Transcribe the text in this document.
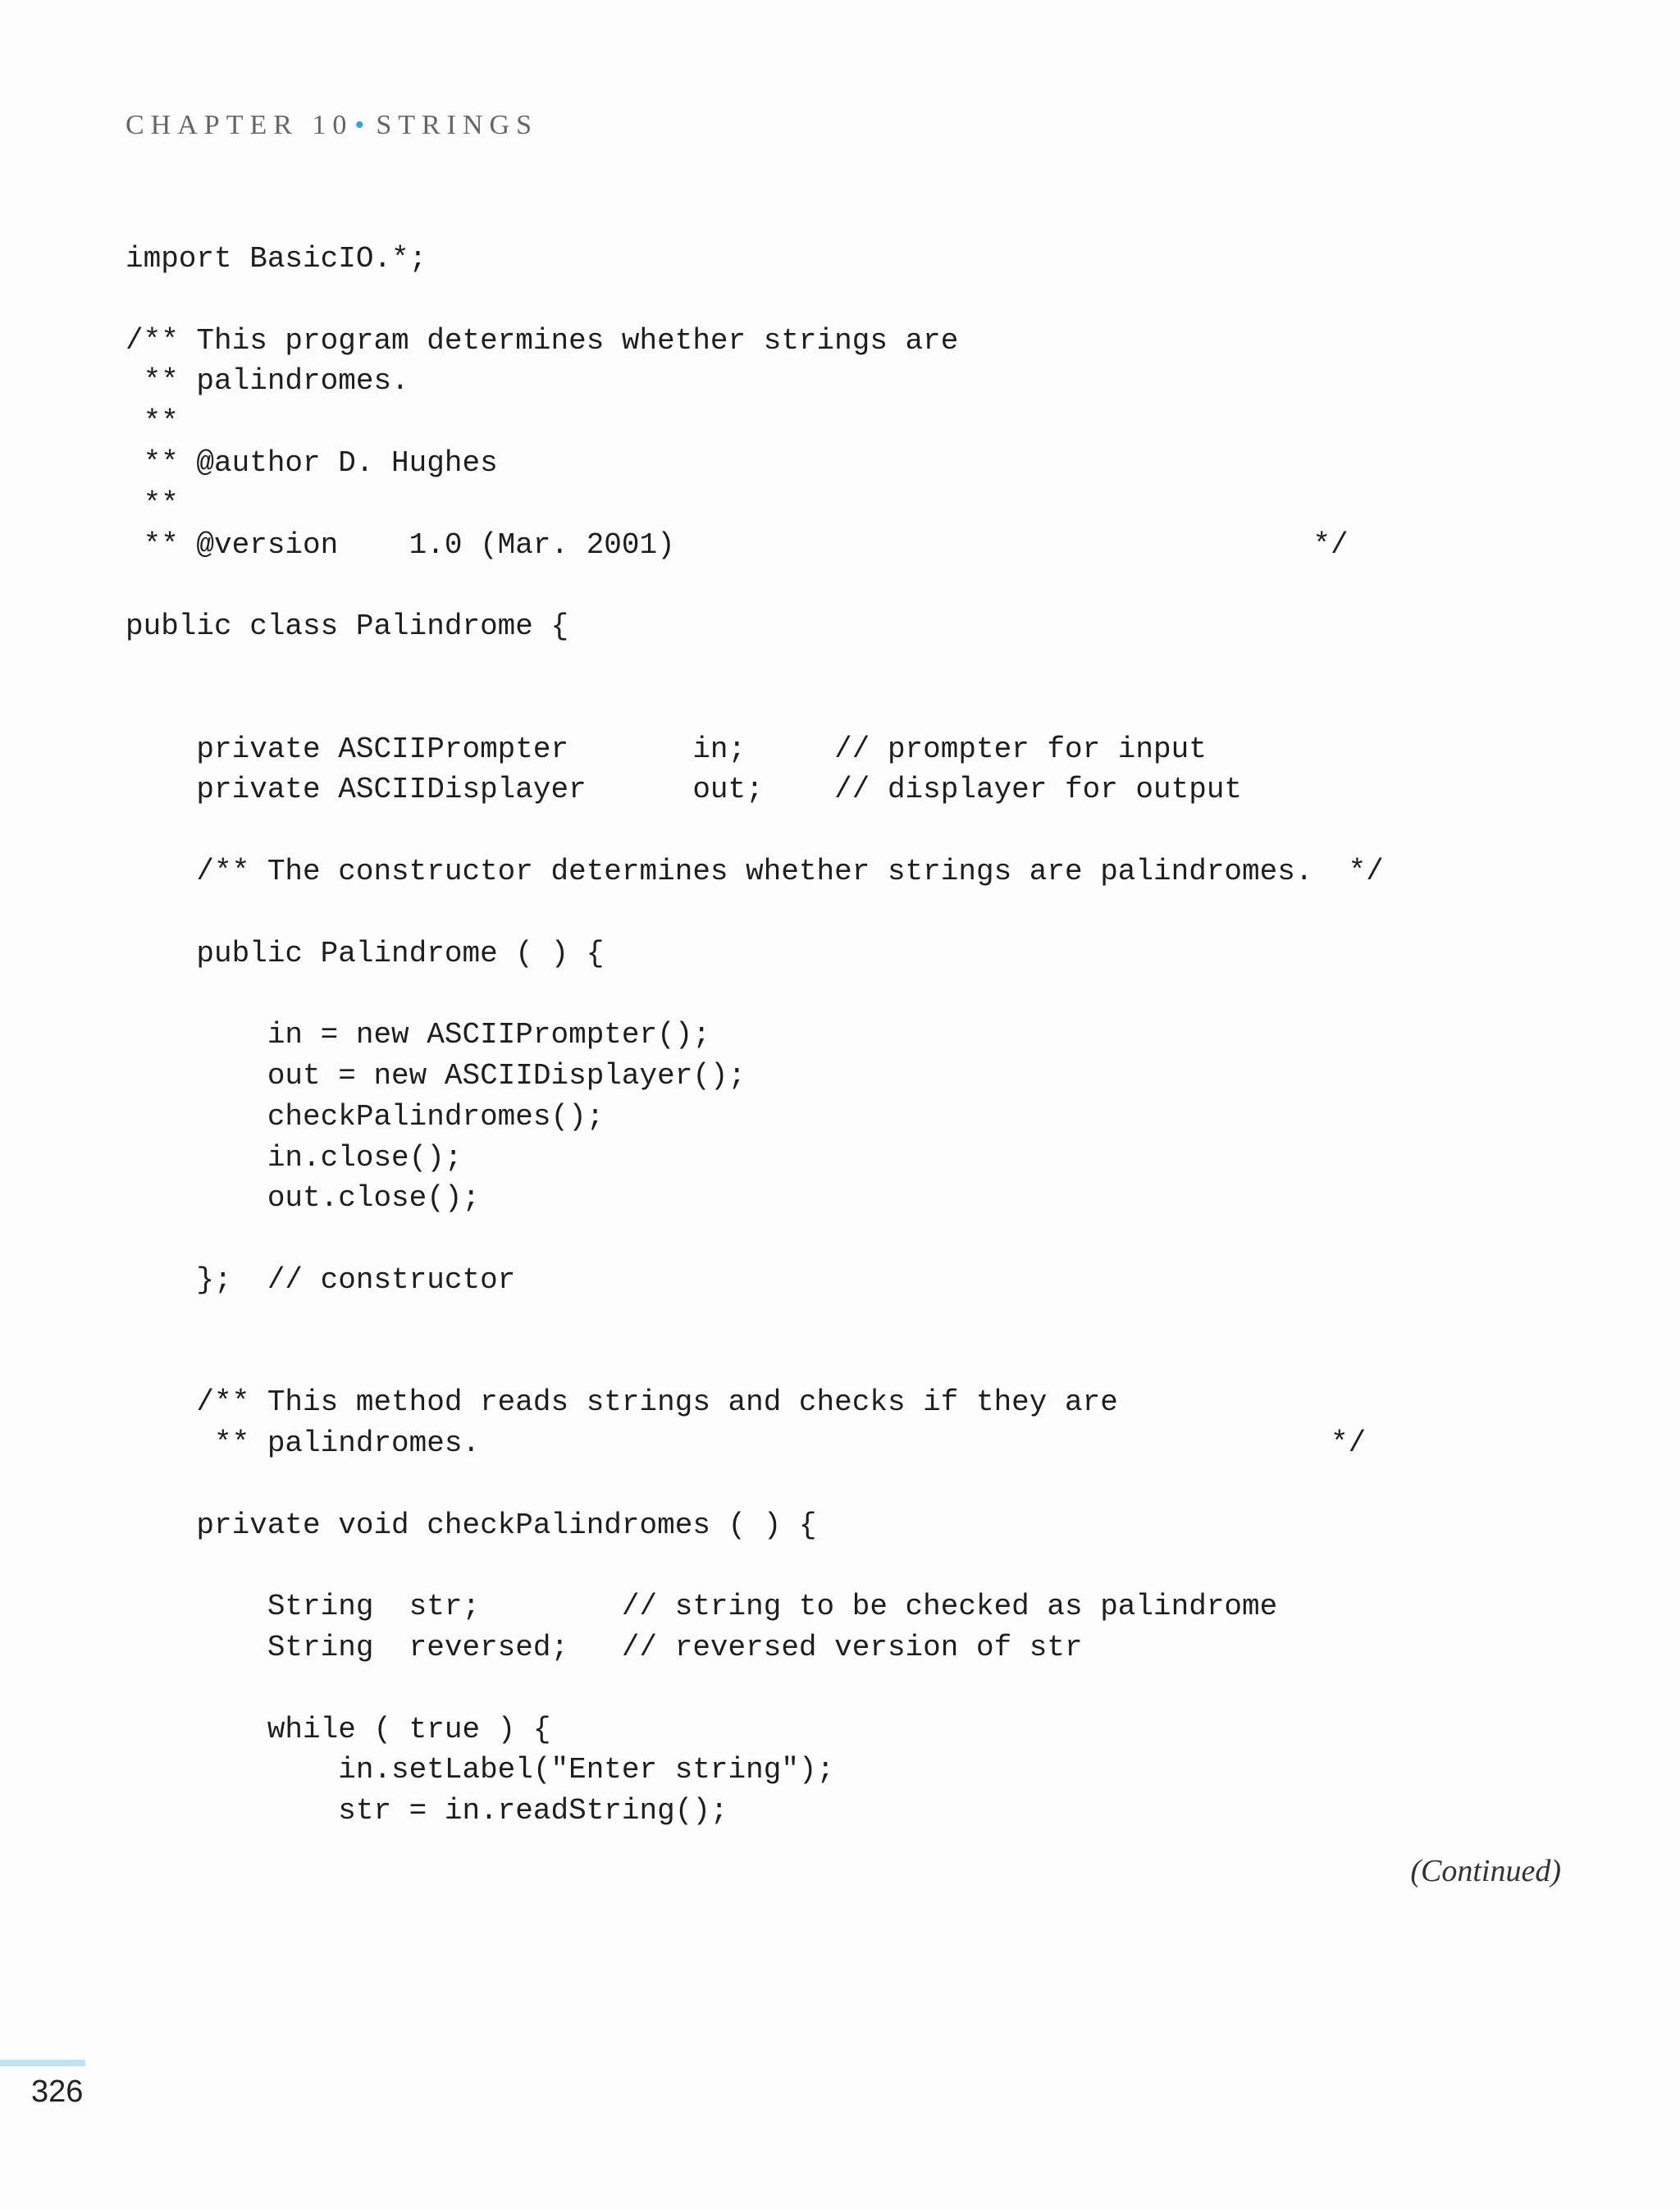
CHAPTER 10• STRINGS
import BasicIO.*;
/** This program determines whether strings are
** palindromes.
**
** @author D. Hughes
**
** @version    1.0 (Mar. 2001)                                    */
public class Palindrome {
private ASCIIPrompter       in;     // prompter for input
private ASCIIDisplayer      out;    // displayer for output
/** The constructor determines whether strings are palindromes.  */
public Palindrome ( ) {
in = new ASCIIPrompter();
out = new ASCIIDisplayer();
checkPalindromes();
in.close();
out.close();
};  // constructor
/** This method reads strings and checks if they are
** palindromes.                                                */
private void checkPalindromes ( ) {
String  str;        // string to be checked as palindrome
String  reversed;   // reversed version of str
while ( true ) {
in.setLabel("Enter string");
str = in.readString();
(Continued)
326
